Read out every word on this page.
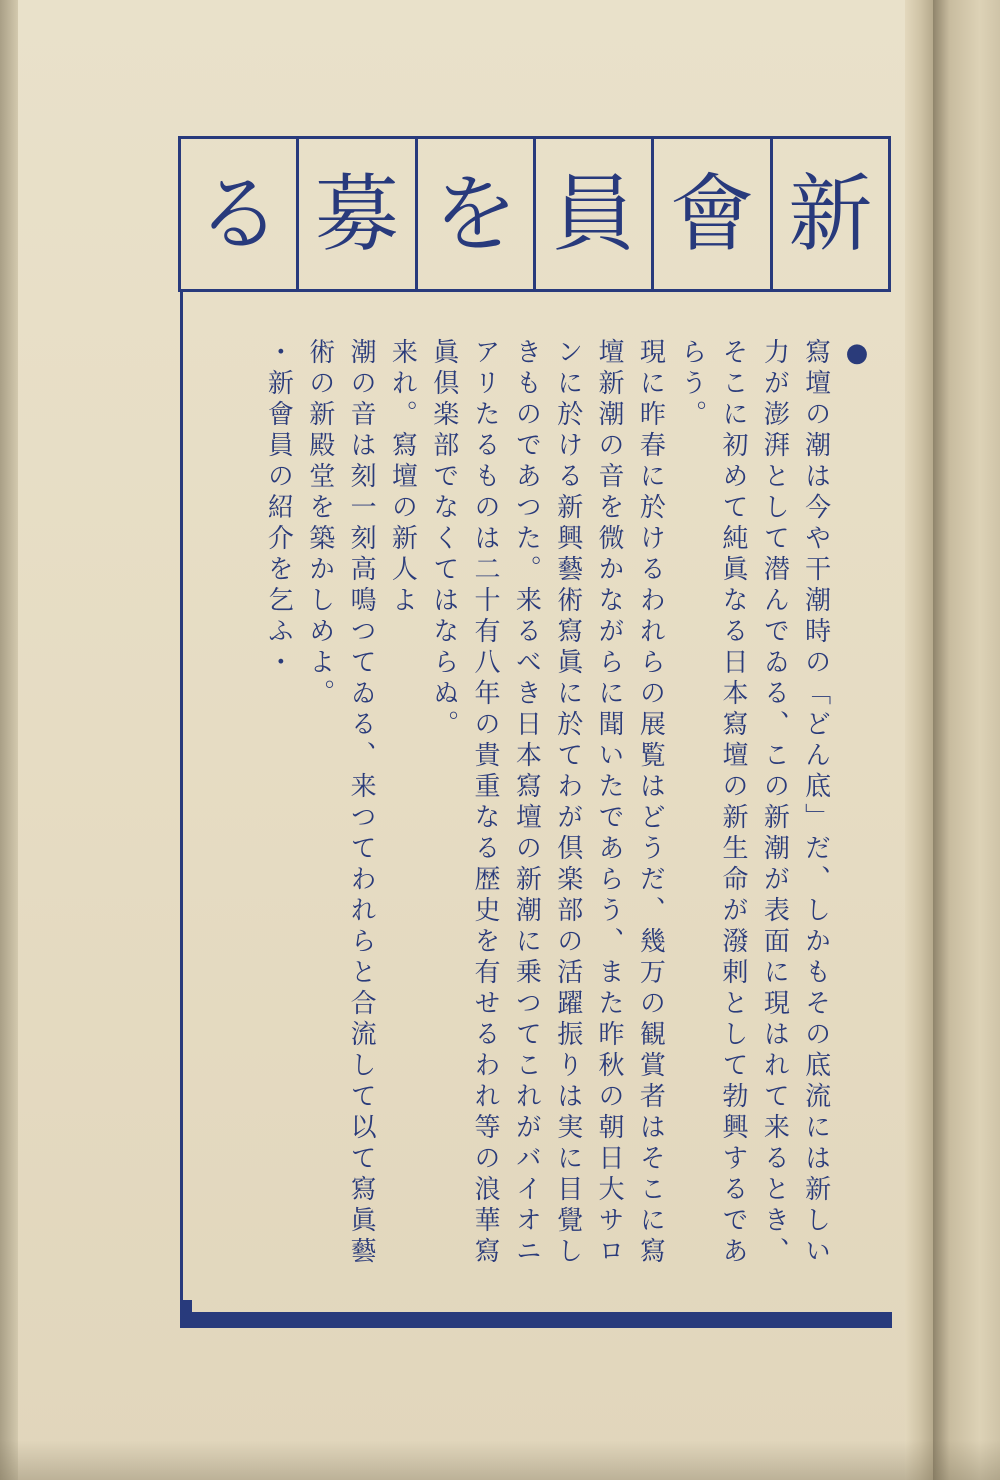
新
會
員
を
募
る
●
寫壇の潮は今や干潮時の「どん底」だ、しかもその底流には新しい
力が澎湃として潜んでゐる、この新潮が表面に現はれて来るとき、
そこに初めて純眞なる日本寫壇の新生命が潑剌として勃興するであ
らう。
現に昨春に於けるわれらの展覧はどうだ、幾万の観賞者はそこに寫
壇新潮の音を微かながらに聞いたであらう、また昨秋の朝日大サロ
ンに於ける新興藝術寫眞に於てわが倶楽部の活躍振りは実に目覺し
きものであつた。来るべき日本寫壇の新潮に乗つてこれがバイオニ
アリたるものは二十有八年の貴重なる歴史を有せるわれ等の浪華寫
眞倶楽部でなくてはならぬ。
来れ。寫壇の新人よ
潮の音は刻一刻高鳴つてゐる、来つてわれらと合流して以て寫眞藝
術の新殿堂を築かしめよ。
・新會員の紹介を乞ふ・
